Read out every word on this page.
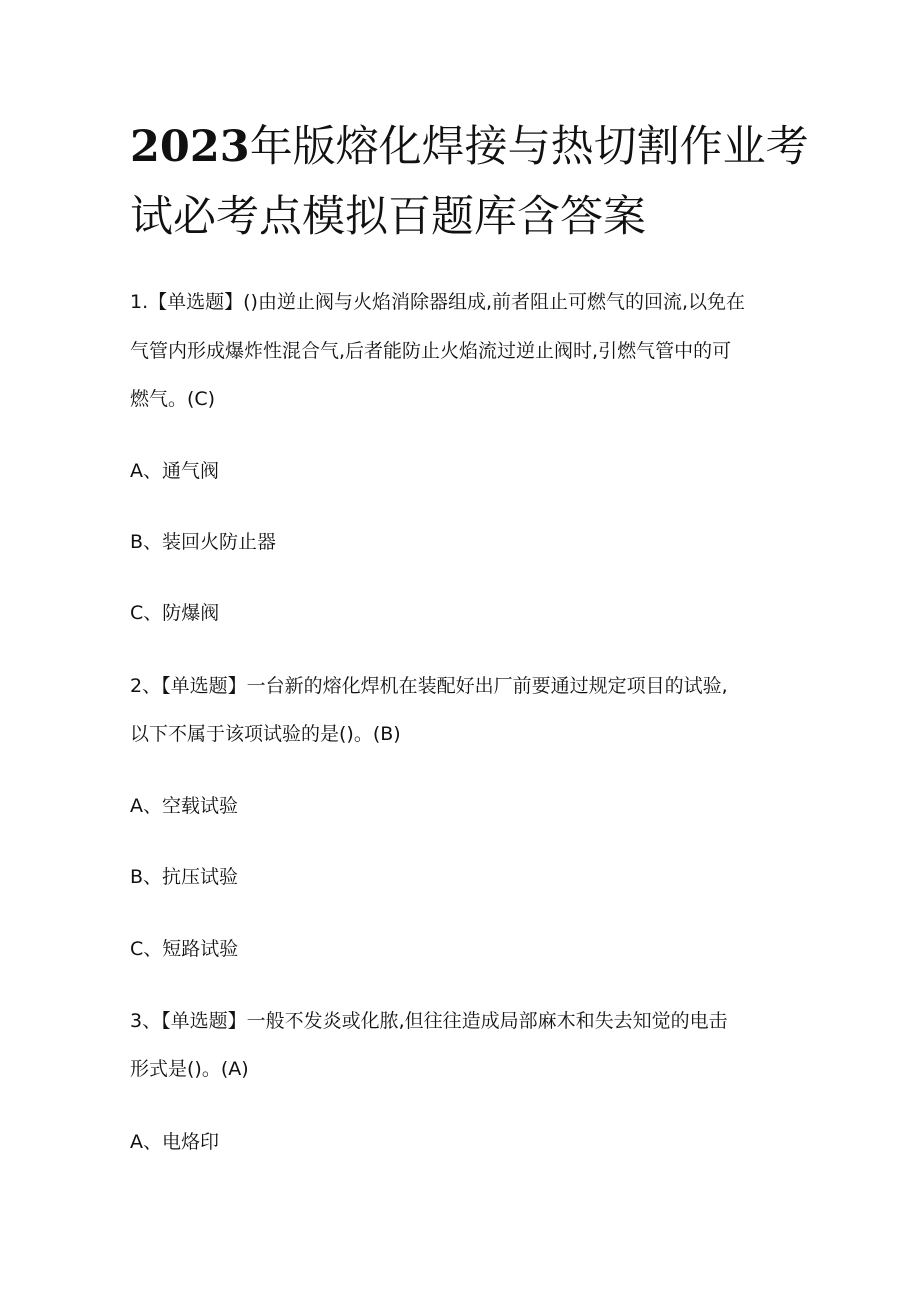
2023年版熔化焊接与热切割作业考
试必考点模拟百题库含答案
1.【单选题】()由逆止阀与火焰消除器组成,前者阻止可燃气的回流,以免在
气管内形成爆炸性混合气,后者能防止火焰流过逆止阀时,引燃气管中的可
燃气。(C)
A、通气阀
B、装回火防止器
C、防爆阀
2、【单选题】一台新的熔化焊机在装配好出厂前要通过规定项目的试验,
以下不属于该项试验的是()。(B)
A、空载试验
B、抗压试验
C、短路试验
3、【单选题】一般不发炎或化脓,但往往造成局部麻木和失去知觉的电击
形式是()。(A)
A、电烙印
